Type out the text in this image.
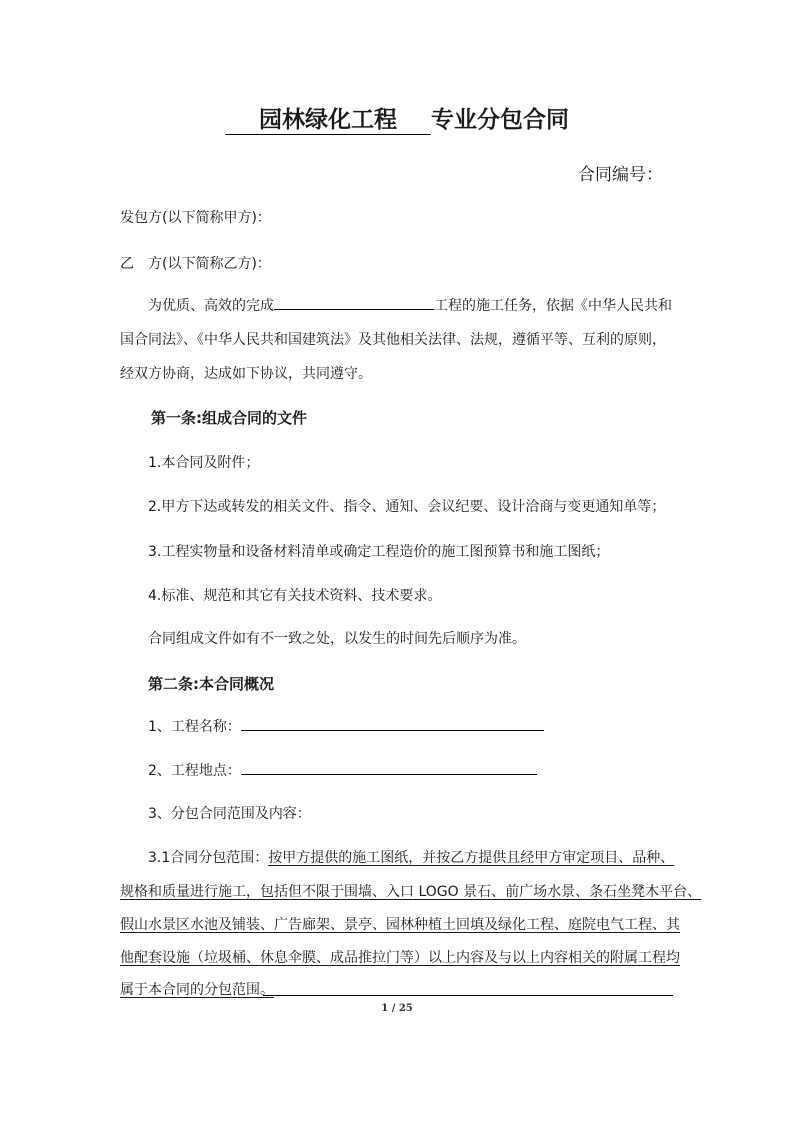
园林绿化工程 专业分包合同
合同编号：
发包方(以下简称甲方)：
乙　方(以下简称乙方)：
为优质、高效的完成	工程的施工任务，依据《中华人民共和
国合同法》、《中华人民共和国建筑法》及其他相关法律、法规，遵循平等、互利的原则，
经双方协商，达成如下协议，共同遵守。
第一条:组成合同的文件
1.本合同及附件；
2.甲方下达或转发的相关文件、指令、通知、会议纪要、设计洽商与变更通知单等；
3.工程实物量和设备材料清单或确定工程造价的施工图预算书和施工图纸；
4.标准、规范和其它有关技术资料、技术要求。
合同组成文件如有不一致之处，以发生的时间先后顺序为准。
第二条:本合同概况
1、工程名称：
2、工程地点：
3、分包合同范围及内容：
3.1合同分包范围：按甲方提供的施工图纸，并按乙方提供且经甲方审定项目、品种、
规格和质量进行施工，包括但不限于围墙、入口 LOGO 景石、前广场水景、条石坐凳木平台、
假山水景区水池及铺装、广告廊架、景亭、园林种植土回填及绿化工程、庭院电气工程、其
他配套设施（垃圾桶、休息伞膜、成品推拉门等）以上内容及与以上内容相关的附属工程均
属于本合同的分包范围。
1 / 25
